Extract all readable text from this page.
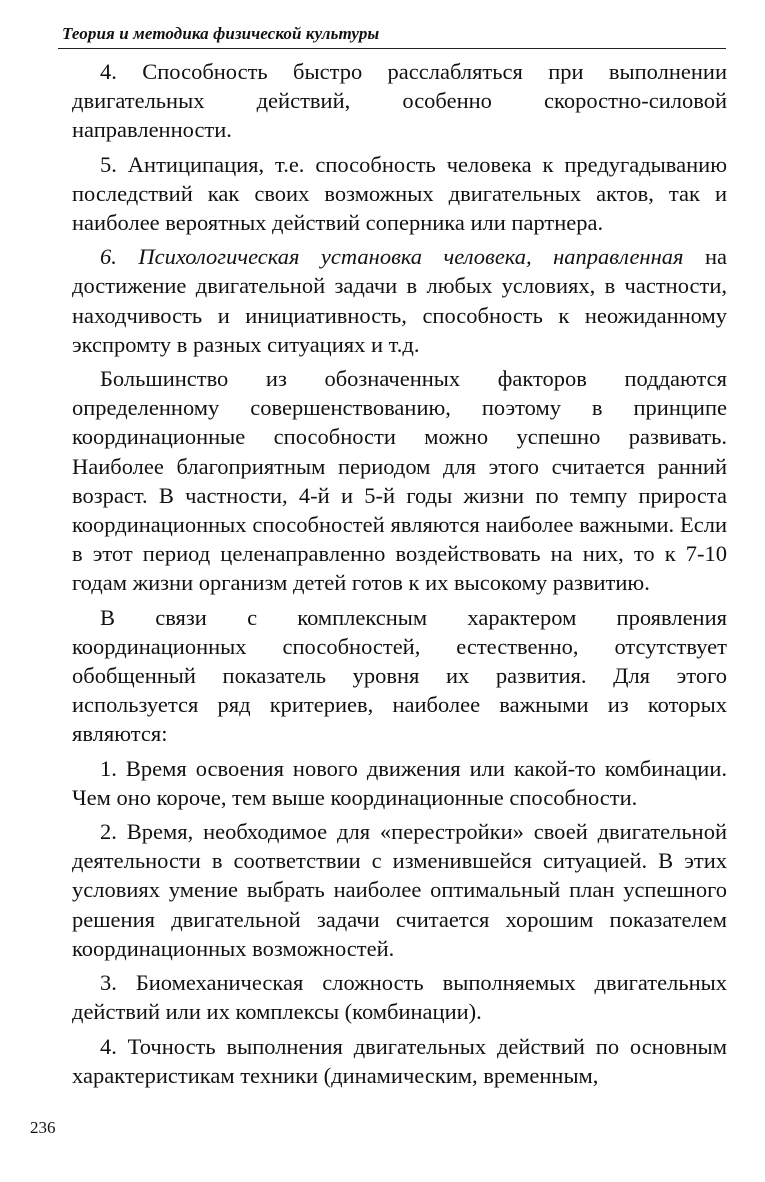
Теория и методика физической культуры

4. Способность быстро расслабляться при выполнении двигательных действий, особенно скоростно-силовой направленности.

5. Антиципация, т.е. способность человека к предугадыванию последствий как своих возможных двигательных актов, так и наиболее вероятных действий соперника или партнера.

6. Психологическая установка человека, направленная на достижение двигательной задачи в любых условиях, в частности, находчивость и инициативность, способность к неожиданному экспромту в разных ситуациях и т.д.

Большинство из обозначенных факторов поддаются определенному совершенствованию, поэтому в принципе координационные способности можно успешно развивать. Наиболее благоприятным периодом для этого считается ранний возраст. В частности, 4-й и 5-й годы жизни по темпу прироста координационных способностей являются наиболее важными. Если в этот период целенаправленно воздействовать на них, то к 7-10 годам жизни организм детей готов к их высокому развитию.

В связи с комплексным характером проявления координационных способностей, естественно, отсутствует обобщенный показатель уровня их развития. Для этого используется ряд критериев, наиболее важными из которых являются:

1. Время освоения нового движения или какой-то комбинации. Чем оно короче, тем выше координационные способности.

2. Время, необходимое для «перестройки» своей двигательной деятельности в соответствии с изменившейся ситуацией. В этих условиях умение выбрать наиболее оптимальный план успешного решения двигательной задачи считается хорошим показателем координационных возможностей.

3. Биомеханическая сложность выполняемых двигательных действий или их комплексы (комбинации).

4. Точность выполнения двигательных действий по основным характеристикам техники (динамическим, временным,

236
